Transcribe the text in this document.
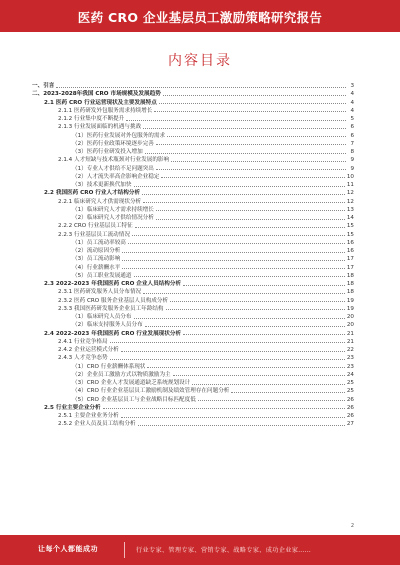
医药 CRO 企业基层员工激励策略研究报告
内容目录
一、引言	3
二、2023-2028年我国 CRO 市场规模及发展趋势	4
2.1 医药 CRO 行业运营现状及主要发展特点	4
2.1.1 医药研发外包服务需求持续增长	4
2.1.2 行业集中度不断提升	5
2.1.3 行业发展面临的机遇与挑战	6
（1）医药行业发展对外包服务的需求	6
（2）医药行业政策环境逐步完善	7
（3）医药行业研发投入增加	8
2.1.4 人才短缺与技术瓶颈对行业发展的影响	9
（1）专业人才供给不足问题突出	9
（2）人才流失率高企影响企业稳定	10
（3）技术更新换代加快	11
2.2 我国医药 CRO 行业人才结构分析	12
2.2.1 临床研究人才供需现状分析	12
（1）临床研究人才需求持续增长	13
（2）临床研究人才供给情况分析	14
2.2.2 CRO 行业基层员工特征	15
2.2.3 行业基层员工流动情况	15
（1）员工流动率较高	16
（2）流动原因分析	16
（3）员工流动影响	17
（4）行业薪酬水平	17
（5）员工职业发展通道	18
2.3 2022-2023 年我国医药 CRO 企业人员结构分析	18
2.3.1 医药研发服务人员分布情况	18
2.3.2 医药 CRO 服务企业基层人员构成分析	19
2.3.3 我国医药研发服务企业员工年龄结构	19
（1）临床研究人员分布	20
（2）临床支持服务人员分布	20
2.4 2022-2023 年我国医药 CRO 行业发展现状分析	21
2.4.1 行业竞争格局	21
2.4.2 企业运营模式分析	22
2.4.3 人才竞争态势	23
（1）CRO 行业薪酬体系现状	23
（2）企业员工激励方式以物质激励为主	24
（3）CRO 企业人才发展通道缺乏系统规划设计	25
（4）CRO 行业企业基层员工激励机制及绩效管理存在问题分析	25
（5）CRO 企业基层员工与企业战略目标匹配度低	26
2.5 行业主要企业分析	26
2.5.1 主要企业业务分析	26
2.5.2 企业人员及员工结构分析	27
2
让每个人都能成功	行业专家、管理专家、营销专家、战略专家、成功企业家……
